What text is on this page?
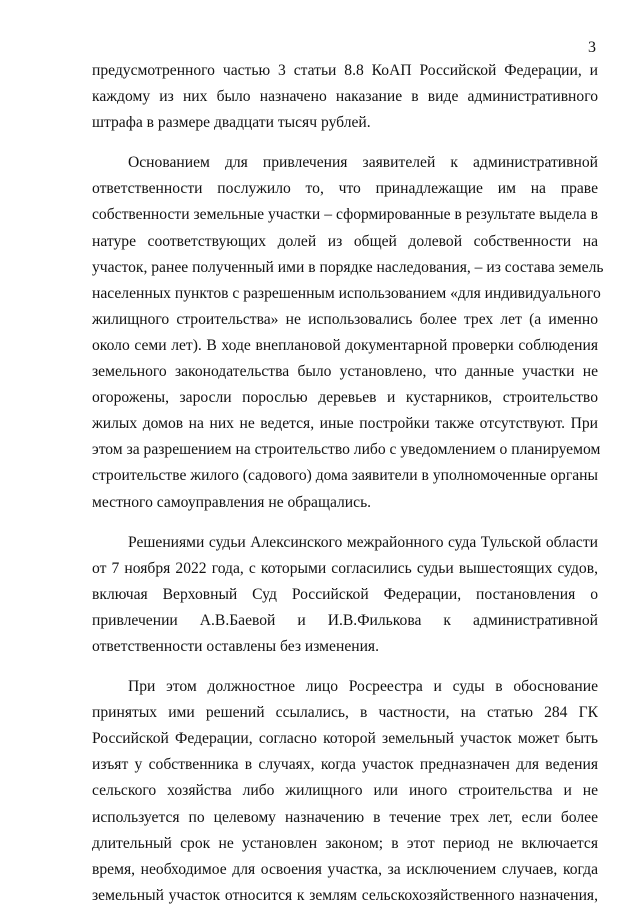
3
предусмотренного частью 3 статьи 8.8 КоАП Российской Федерации, и
каждому из них было назначено наказание в виде административного
штрафа в размере двадцати тысяч рублей.
Основанием для привлечения заявителей к административной
ответственности послужило то, что принадлежащие им на праве
собственности земельные участки – сформированные в результате выдела в
натуре соответствующих долей из общей долевой собственности на
участок, ранее полученный ими в порядке наследования, – из состава земель
населенных пунктов с разрешенным использованием «для индивидуального
жилищного строительства» не использовались более трех лет (а именно
около семи лет). В ходе внеплановой документарной проверки соблюдения
земельного законодательства было установлено, что данные участки не
огорожены, заросли порослью деревьев и кустарников, строительство
жилых домов на них не ведется, иные постройки также отсутствуют. При
этом за разрешением на строительство либо с уведомлением о планируемом
строительстве жилого (садового) дома заявители в уполномоченные органы
местного самоуправления не обращались.
Решениями судьи Алексинского межрайонного суда Тульской области
от 7 ноября 2022 года, с которыми согласились судьи вышестоящих судов,
включая Верховный Суд Российской Федерации, постановления о
привлечении А.В.Баевой и И.В.Филькова к административной
ответственности оставлены без изменения.
При этом должностное лицо Росреестра и суды в обоснование
принятых ими решений ссылались, в частности, на статью 284 ГК
Российской Федерации, согласно которой земельный участок может быть
изъят у собственника в случаях, когда участок предназначен для ведения
сельского хозяйства либо жилищного или иного строительства и не
используется по целевому назначению в течение трех лет, если более
длительный срок не установлен законом; в этот период не включается
время, необходимое для освоения участка, за исключением случаев, когда
земельный участок относится к землям сельскохозяйственного назначения,
